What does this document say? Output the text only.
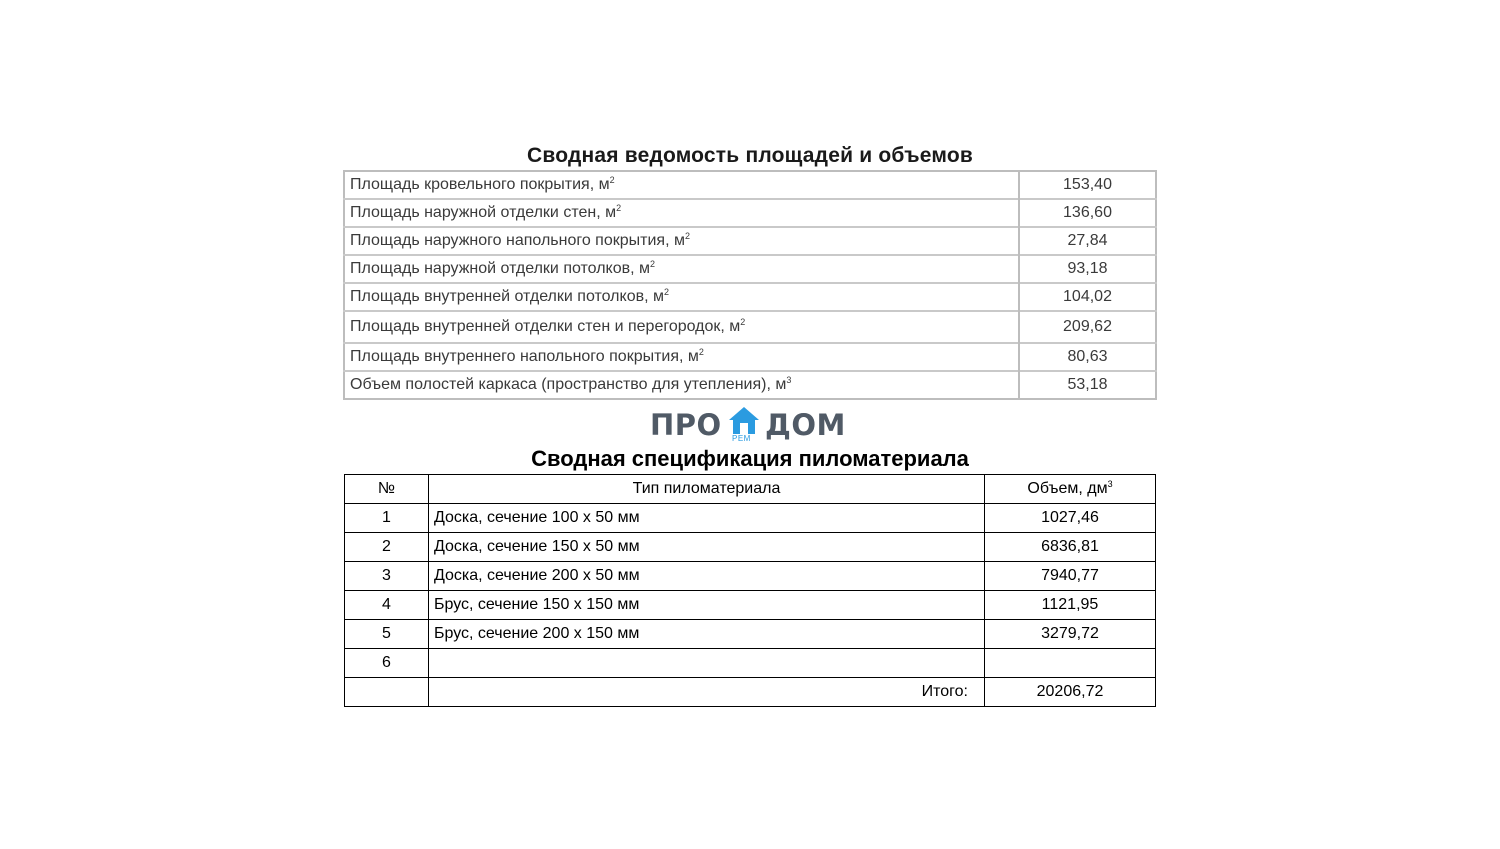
Сводная ведомость площадей и объемов
Площадь кровельного покрытия, $м^2$	153,40
Площадь наружной отделки стен, $м^2$	136,60
Площадь наружного напольного покрытия, $м^2$	27,84
Площадь наружной отделки потолков, $м^2$	93,18
Площадь внутренней отделки потолков, $м^2$	104,02
Площадь внутренней отделки стен и перегородок, $м^2$	209,62
Площадь внутреннего напольного покрытия, $м^2$	80,63
Объем полостей каркаса (пространство для утепления), $м^3$	53,18
ПРО РЕМ ДОМ
Сводная спецификация пиломатериала
№	Тип пиломатериала	Объем, $дм^3$
1	Доска, сечение 100 х 50 мм	1027,46
2	Доска, сечение 150 х 50 мм	6836,81
3	Доска, сечение 200 х 50 мм	7940,77
4	Брус, сечение 150 х 150 мм	1121,95
5	Брус, сечение 200 х 150 мм	3279,72
6		
	Итого:	20206,72
